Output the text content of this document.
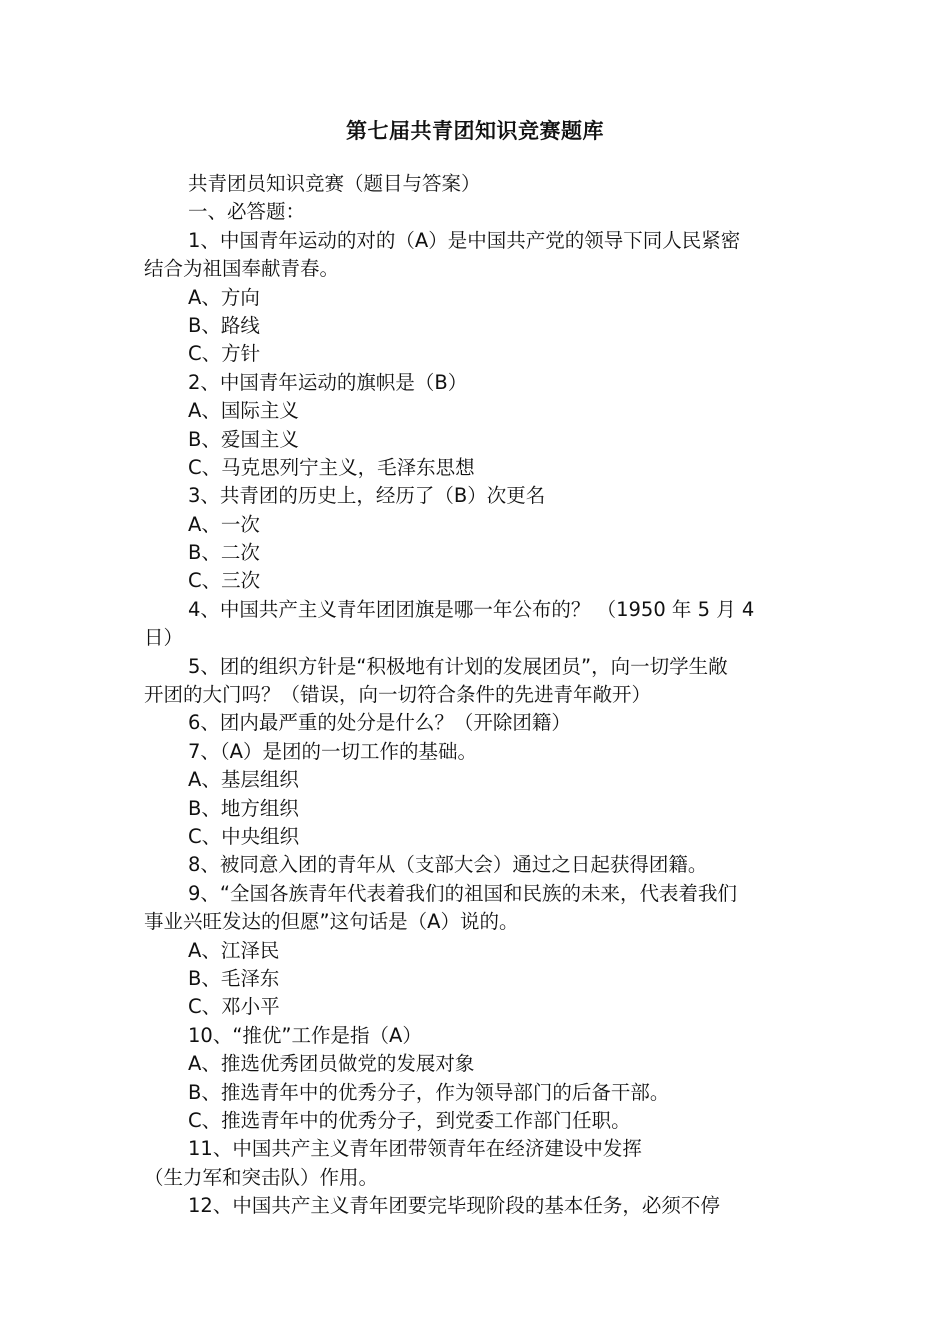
第七届共青团知识竞赛题库
共青团员知识竞赛（题目与答案）
一、必答题：
1、中国青年运动的对的（A）是中国共产党的领导下同人民紧密
结合为祖国奉献青春。
A、方向
B、路线
C、方针
2、中国青年运动的旗帜是（B）
A、国际主义
B、爱国主义
C、马克思列宁主义，毛泽东思想
3、共青团的历史上，经历了（B）次更名
A、一次
B、二次
C、三次
4、中国共产主义青年团团旗是哪一年公布的？ （1950 年 5 月 4
日）
5、团的组织方针是“积极地有计划的发展团员”，向一切学生敞
开团的大门吗？（错误，向一切符合条件的先进青年敞开）
6、团内最严重的处分是什么？（开除团籍）
7、（A）是团的一切工作的基础。
A、基层组织
B、地方组织
C、中央组织
8、被同意入团的青年从（支部大会）通过之日起获得团籍。
9、“全国各族青年代表着我们的祖国和民族的未来，代表着我们
事业兴旺发达的但愿”这句话是（A）说的。
A、江泽民
B、毛泽东
C、邓小平
10、“推优”工作是指（A）
A、推选优秀团员做党的发展对象
B、推选青年中的优秀分子，作为领导部门的后备干部。
C、推选青年中的优秀分子，到党委工作部门任职。
11、中国共产主义青年团带领青年在经济建设中发挥
（生力军和突击队）作用。
12、中国共产主义青年团要完毕现阶段的基本任务，必须不停
